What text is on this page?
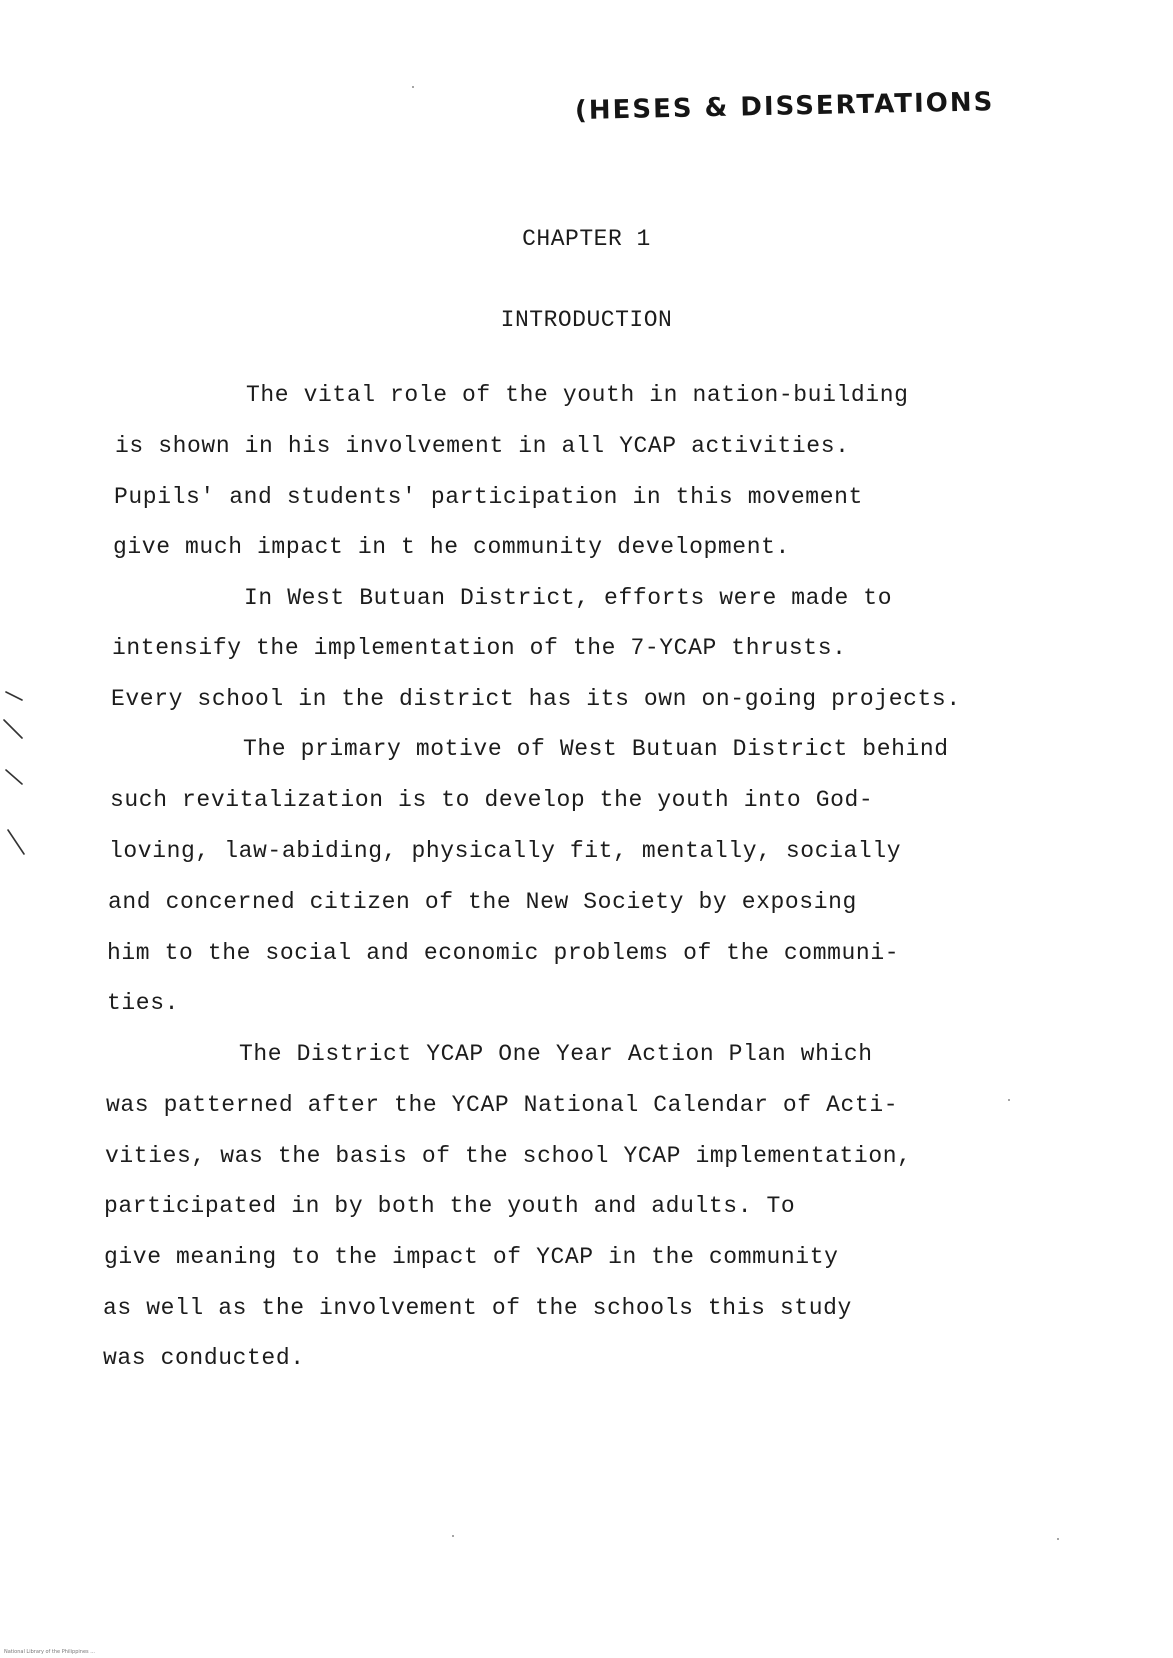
(HESES & DISSERTATIONS
CHAPTER 1
INTRODUCTION
The vital role of the youth in nation-building
is shown in his involvement in all YCAP activities.
Pupils' and students' participation in this movement
give much impact in t he community development.
In West Butuan District, efforts were made to
intensify the implementation of the 7-YCAP thrusts.
Every school in the district has its own on-going projects.
The primary motive of West Butuan District behind
such revitalization is to develop the youth into God-
loving, law-abiding, physically fit, mentally, socially
and concerned citizen of the New Society by exposing
him to the social and economic problems of the communi-
ties.
The District YCAP One Year Action Plan which
was patterned after the YCAP National Calendar of Acti-
vities, was the basis of the school YCAP implementation,
participated in by both the youth and adults. To
give meaning to the impact of YCAP in the community
as well as the involvement of the schools this study
was conducted.
National Library of the Philippines ...
